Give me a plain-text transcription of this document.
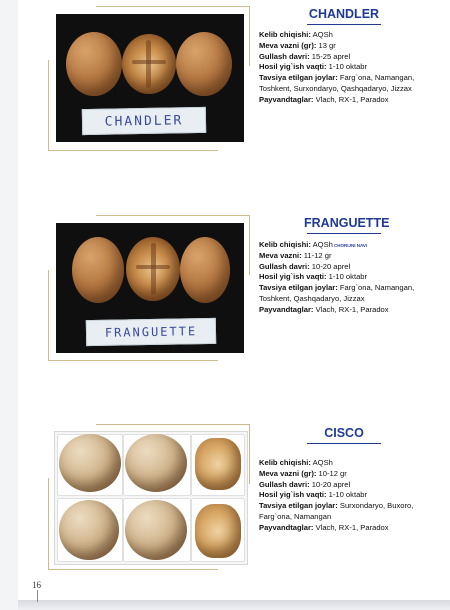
CHANDLER
CHANDLER
Kelib chiqishi: AQSh
Meva vazni (gr): 13 gr
Gullash davri: 15-25 aprel
Hosil yig`ish vaqti: 1-10 oktabr
Tavsiya etilgan joylar: Farg`ona, Namangan, Toshkent, Surxondaryo, Qashqadaryo, Jizzax
Payvandtaglar: Vlach, RX-1, Paradox
FRANGUETTE
FRANGUETTE
Kelib chiqishi: AQSh CHORIJNI NAVI
Meva vazni: 11-12 gr
Gullash davri: 10-20 aprel
Hosil yig`ish vaqti: 1-10 oktabr
Tavsiya etilgan joylar: Farg`ona, Namangan, Toshkent, Qashqadaryo, Jizzax
Payvandtaglar: Vlach, RX-1, Paradox
CISCO
Kelib chiqishi: AQSh
Meva vazni (gr): 10-12 gr
Gullash davri: 10-20 aprel
Hosil yig`ish vaqti: 1-10 oktabr
Tavsiya etilgan joylar: Surxondaryo, Buxoro, Farg`ona, Namangan
Payvandtaglar: Vlach, RX-1, Paradox
16
